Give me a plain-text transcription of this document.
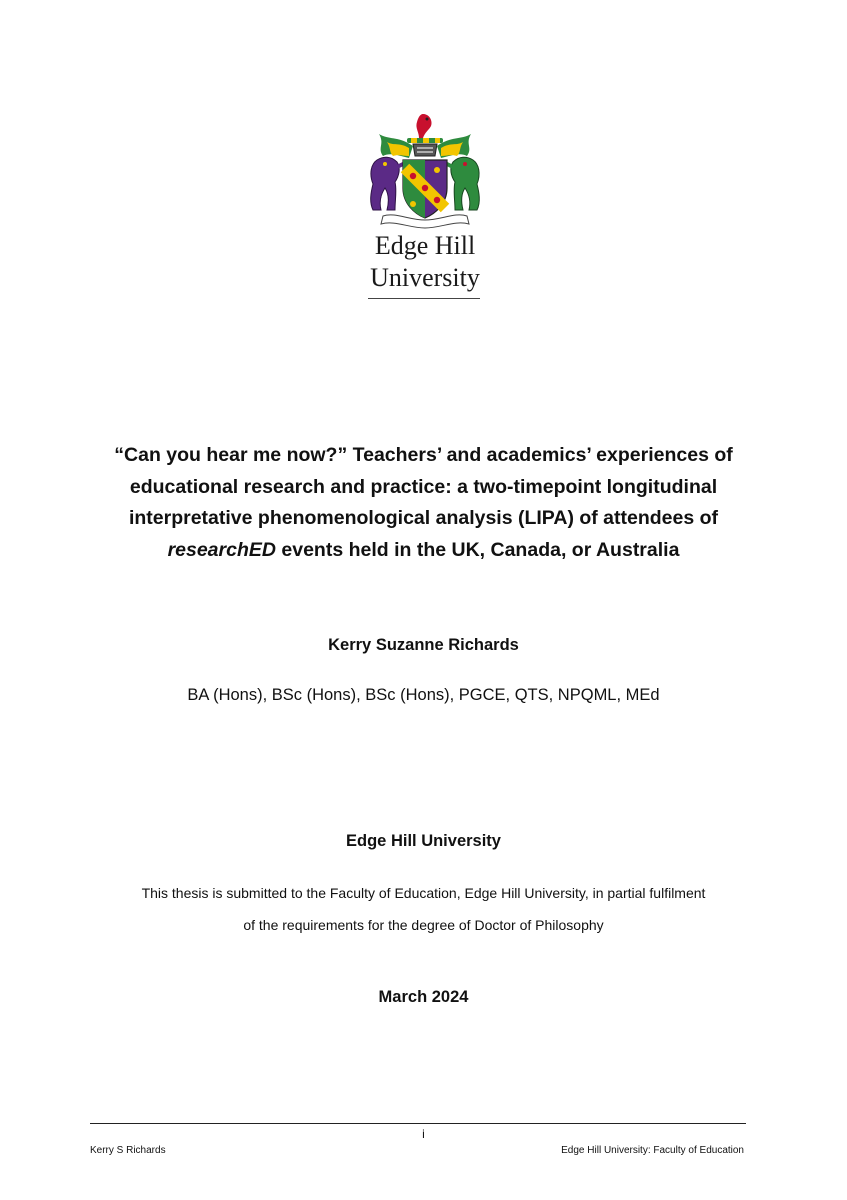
Edge Hill
University
“Can you hear me now?” Teachers’ and academics’ experiences of
educational research and practice: a two-timepoint longitudinal
interpretative phenomenological analysis (LIPA) of attendees of
researchED events held in the UK, Canada, or Australia
Kerry Suzanne Richards
BA (Hons), BSc (Hons), BSc (Hons), PGCE, QTS, NPQML, MEd
Edge Hill University
This thesis is submitted to the Faculty of Education, Edge Hill University, in partial fulfilment
of the requirements for the degree of Doctor of Philosophy
March 2024
i
Kerry S Richards	Edge Hill University: Faculty of Education
